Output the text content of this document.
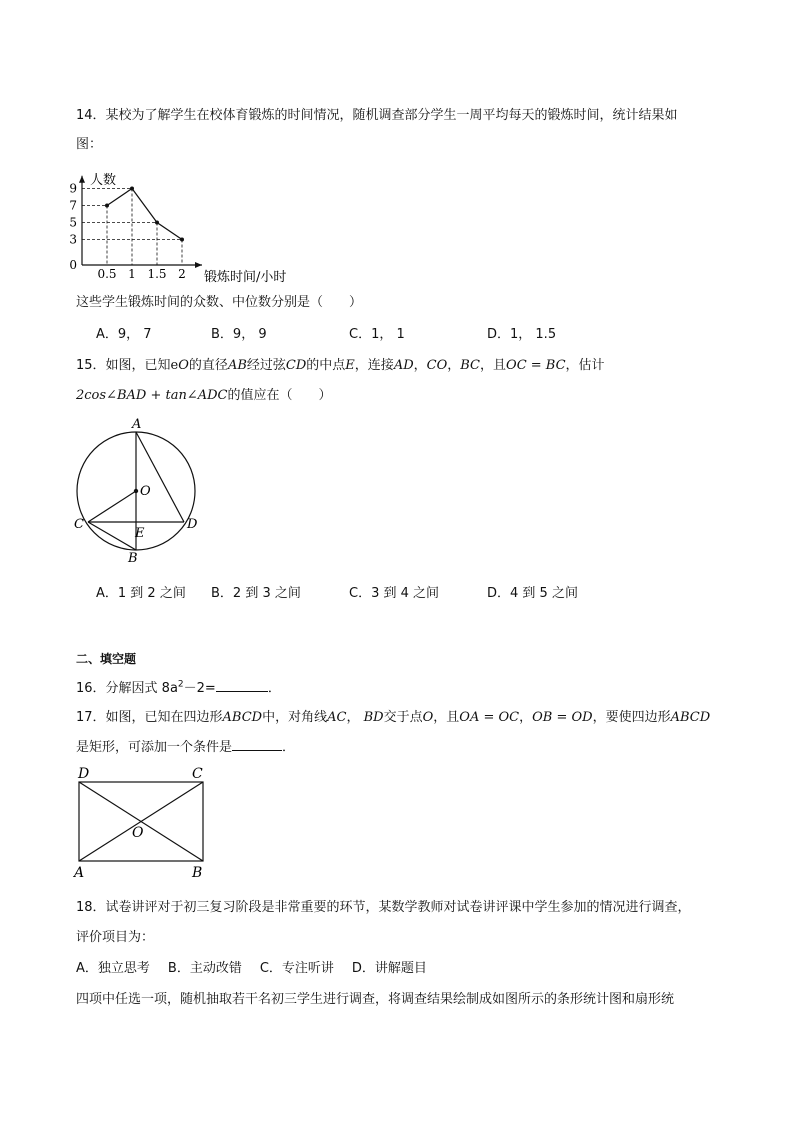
14．某校为了解学生在校体育锻炼的时间情况，随机调查部分学生一周平均每天的锻炼时间，统计结果如
图：
0.5 1 1.5 2
9
7
5
3
0
人数
锻炼时间/小时
这些学生锻炼时间的众数、中位数分别是（　　）
A．9， 7	B．9， 9	C．1， 1	D．1， 1.5
15．如图，已知eO的直径AB经过弦CD的中点E，连接AD，CO，BC，且OC = BC，估计
2cos∠BAD + tan∠ADC的值应在（　　）
A
O
C	D
E
B
A．1 到 2 之间 B．2 到 3 之间	C．3 到 4 之间	D．4 到 5 之间
二、填空题
16．分解因式 $8a^2-2=$	．
17．如图，已知在四边形ABCD中，对角线AC， BD交于点O，且OA = OC，OB = OD，要使四边形ABCD
是矩形，可添加一个条件是	．
D	C
O
A	B
18．试卷讲评对于初三复习阶段是非常重要的环节，某数学教师对试卷讲评课中学生参加的情况进行调查，
评价项目为：
A．独立思考 B．主动改错 C．专注听讲 D．讲解题目
四项中任选一项，随机抽取若干名初三学生进行调查，将调查结果绘制成如图所示的条形统计图和扇形统
